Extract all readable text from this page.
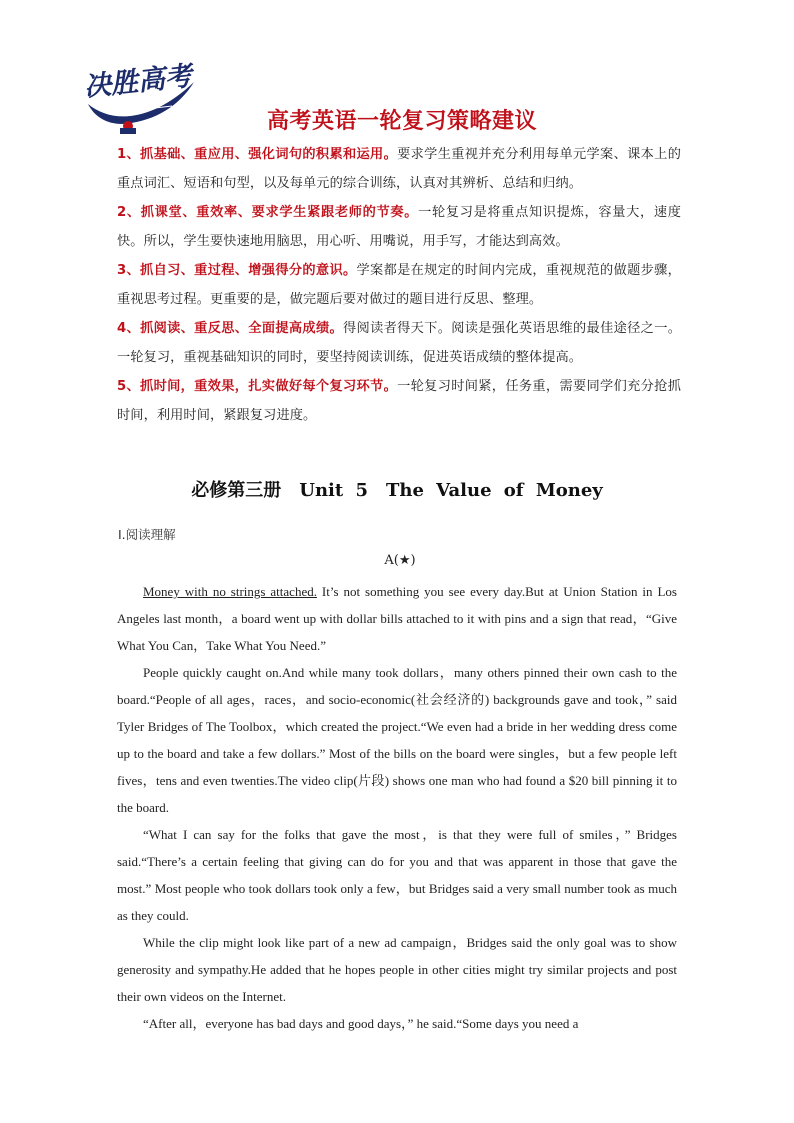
决胜高考
高考英语一轮复习策略建议

1、抓基础、重应用、强化词句的积累和运用。要求学生重视并充分利用每单元学案、课本上的重点词汇、短语和句型，以及每单元的综合训练，认真对其辨析、总结和归纳。

2、抓课堂、重效率、要求学生紧跟老师的节奏。一轮复习是将重点知识提炼，容量大，速度快。所以，学生要快速地用脑思，用心听、用嘴说，用手写，才能达到高效。

3、抓自习、重过程、增强得分的意识。学案都是在规定的时间内完成，重视规范的做题步骤，重视思考过程。更重要的是，做完题后要对做过的题目进行反思、整理。

4、抓阅读、重反思、全面提高成绩。得阅读者得天下。阅读是强化英语思维的最佳途径之一。一轮复习，重视基础知识的同时，要坚持阅读训练，促进英语成绩的整体提高。

5、抓时间，重效果，扎实做好每个复习环节。一轮复习时间紧，任务重，需要同学们充分抢抓时间，利用时间，紧跟复习进度。

必修第三册　Unit 5　The Value of Money
Ⅰ.阅读理解
A(★)

Money with no strings attached. It’s not something you see every day.But at Union Station in Los Angeles last month，a board went up with dollar bills attached to it with pins and a sign that read，“Give What You Can，Take What You Need.”

People quickly caught on.And while many took dollars，many others pinned their own cash to the board.“People of all ages，races，and socio-economic(社会经济的) backgrounds gave and took，” said Tyler Bridges of The Toolbox，which created the project.“We even had a bride in her wedding dress come up to the board and take a few dollars.” Most of the bills on the board were singles，but a few people left fives，tens and even twenties.The video clip(片段) shows one man who had found a $20 bill pinning it to the board.

“What I can say for the folks that gave the most，is that they were full of smiles，” Bridges said.“There’s a certain feeling that giving can do for you and that was apparent in those that gave the most.” Most people who took dollars took only a few，but Bridges said a very small number took as much as they could.

While the clip might look like part of a new ad campaign，Bridges said the only goal was to show generosity and sympathy.He added that he hopes people in other cities might try similar projects and post their own videos on the Internet.

“After all，everyone has bad days and good days，” he said.“Some days you need a
